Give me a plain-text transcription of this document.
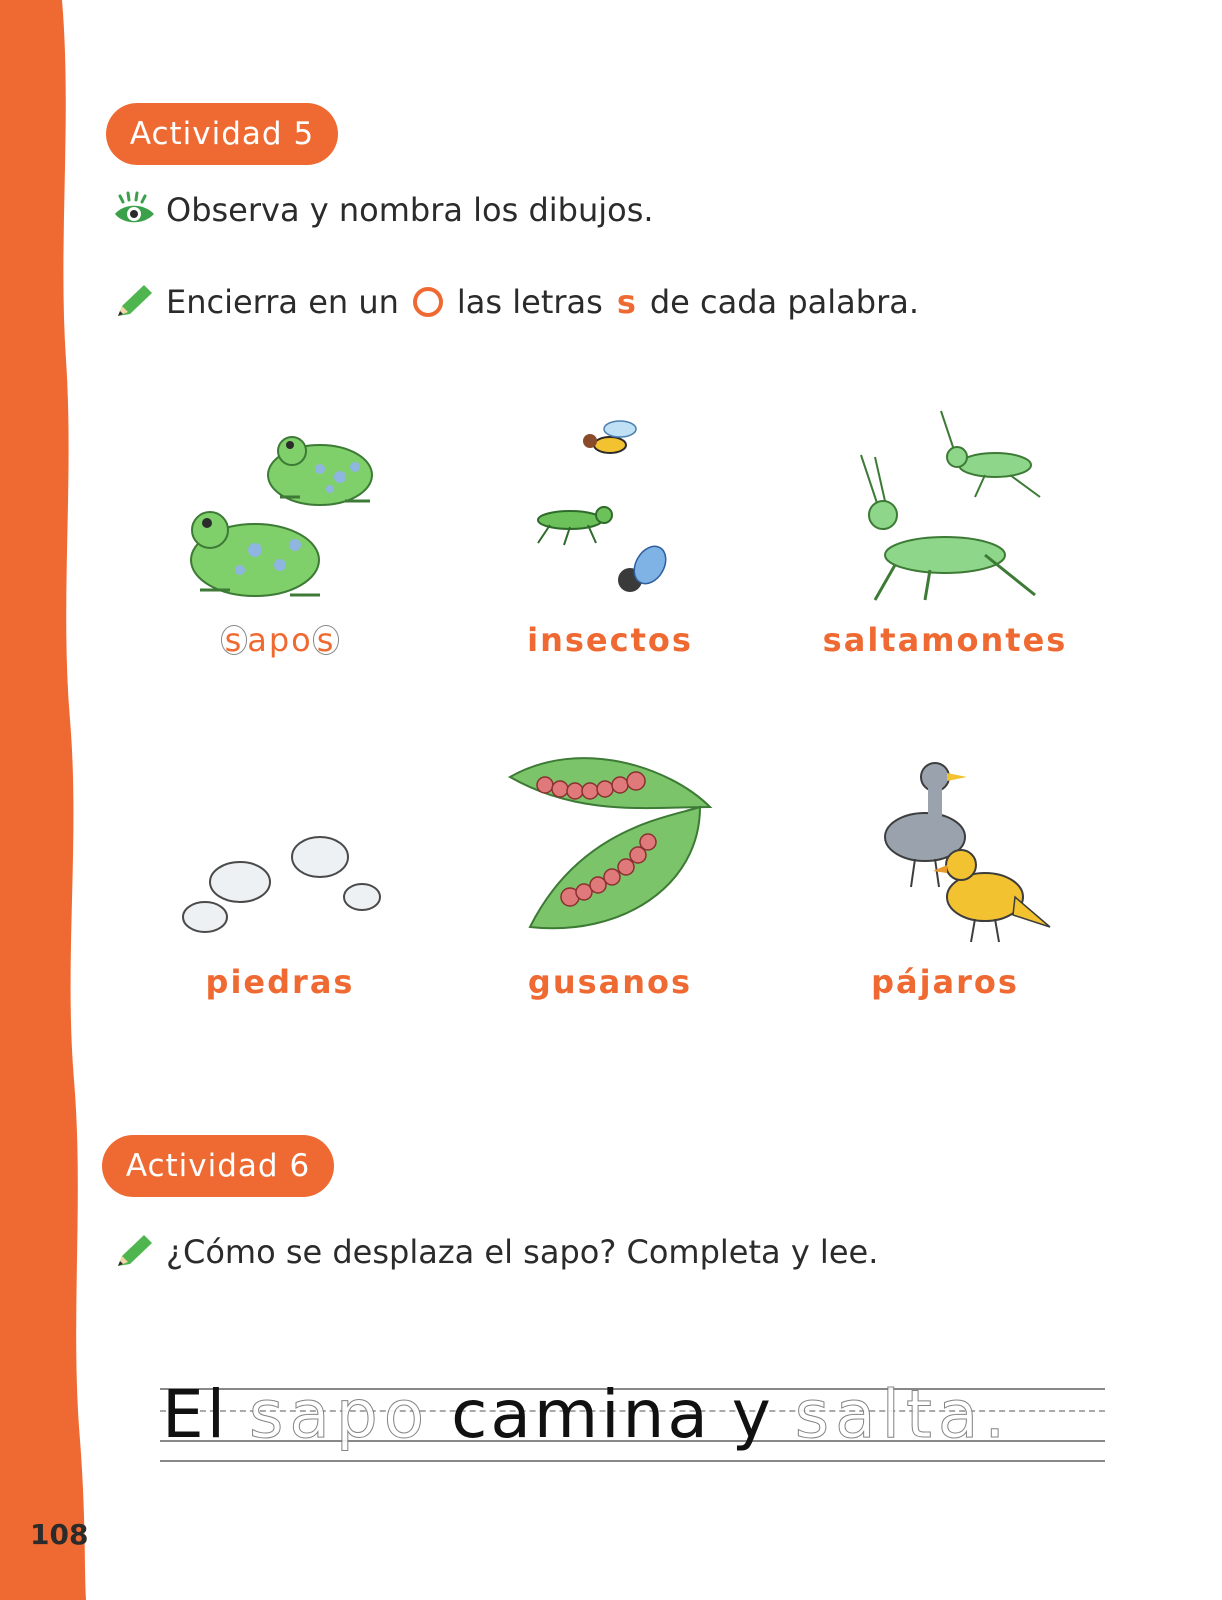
108
Actividad 5
Observa y nombra los dibujos.
Encierra en un las letras s de cada palabra.
s apo s	insectos	saltamontes
piedras	gusanos	pájaros
Actividad 6
¿Cómo se desplaza el sapo? Completa y lee.
El sapo camina y salta.
